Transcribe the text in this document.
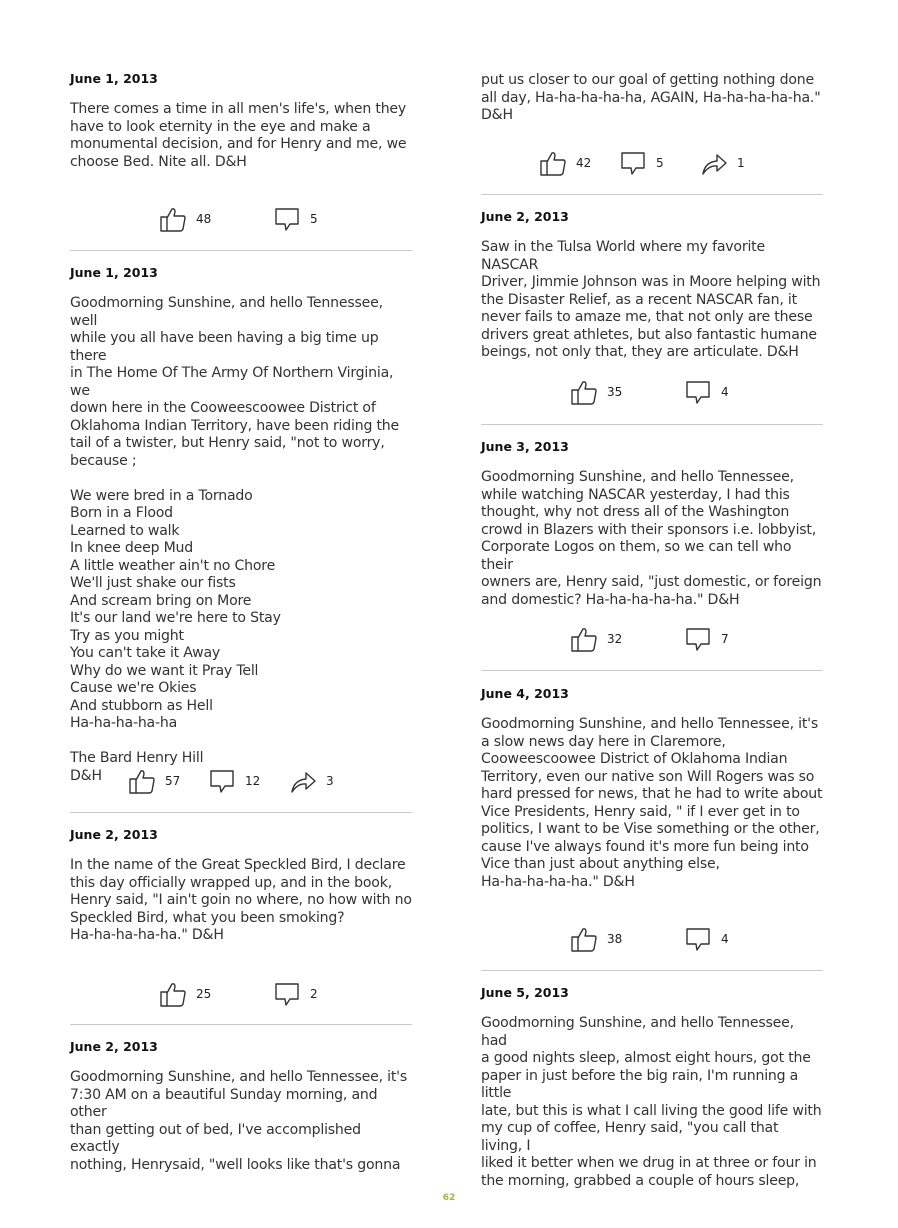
June 1, 2013
There comes a time in all men's life's, when they
have to look eternity in the eye and make a
monumental decision, and for Henry and me, we
choose Bed. Nite all. D&H
48	5
June 1, 2013
Goodmorning Sunshine, and hello Tennessee, well
while you all have been having a big time up there
in The Home Of The Army Of Northern Virginia, we
down here in the Cooweescoowee District of
Oklahoma Indian Territory, have been riding the
tail of a twister, but Henry said, "not to worry,
because ;

We were bred in a Tornado
Born in a Flood
Learned to walk
In knee deep Mud
A little weather ain't no Chore
We'll just shake our fists
And scream bring on More
It's our land we're here to Stay
Try as you might
You can't take it Away
Why do we want it Pray Tell
Cause we're Okies
And stubborn as Hell
Ha-ha-ha-ha-ha

The Bard Henry Hill
D&H	57	12	3
June 2, 2013
In the name of the Great Speckled Bird, I declare
this day officially wrapped up, and in the book,
Henry said, "I ain't goin no where, no how with no
Speckled Bird, what you been smoking?
Ha-ha-ha-ha-ha." D&H
25	2
June 2, 2013
Goodmorning Sunshine, and hello Tennessee, it's
7:30 AM on a beautiful Sunday morning, and other
than getting out of bed, I've accomplished exactly
nothing, Henrysaid, "well looks like that's gonna
put us closer to our goal of getting nothing done
all day, Ha-ha-ha-ha-ha, AGAIN, Ha-ha-ha-ha-ha."
D&H
42	5	1
June 2, 2013
Saw in the Tulsa World where my favorite NASCAR
Driver, Jimmie Johnson was in Moore helping with
the Disaster Relief, as a recent NASCAR fan, it
never fails to amaze me, that not only are these
drivers great athletes, but also fantastic humane
beings, not only that, they are articulate. D&H
35	4
June 3, 2013
Goodmorning Sunshine, and hello Tennessee,
while watching NASCAR yesterday, I had this
thought, why not dress all of the Washington
crowd in Blazers with their sponsors i.e. lobbyist,
Corporate Logos on them, so we can tell who their
owners are, Henry said, "just domestic, or foreign
and domestic? Ha-ha-ha-ha-ha." D&H
32	7
June 4, 2013
Goodmorning Sunshine, and hello Tennessee, it's
a slow news day here in Claremore,
Cooweescoowee District of Oklahoma Indian
Territory, even our native son Will Rogers was so
hard pressed for news, that he had to write about
Vice Presidents, Henry said, " if I ever get in to
politics, I want to be Vise something or the other,
cause I've always found it's more fun being into
Vice than just about anything else,
Ha-ha-ha-ha-ha." D&H
38	4
June 5, 2013
Goodmorning Sunshine, and hello Tennessee, had
a good nights sleep, almost eight hours, got the
paper in just before the big rain, I'm running a little
late, but this is what I call living the good life with
my cup of coffee, Henry said, "you call that living, I
liked it better when we drug in at three or four in
the morning, grabbed a couple of hours sleep,
62
